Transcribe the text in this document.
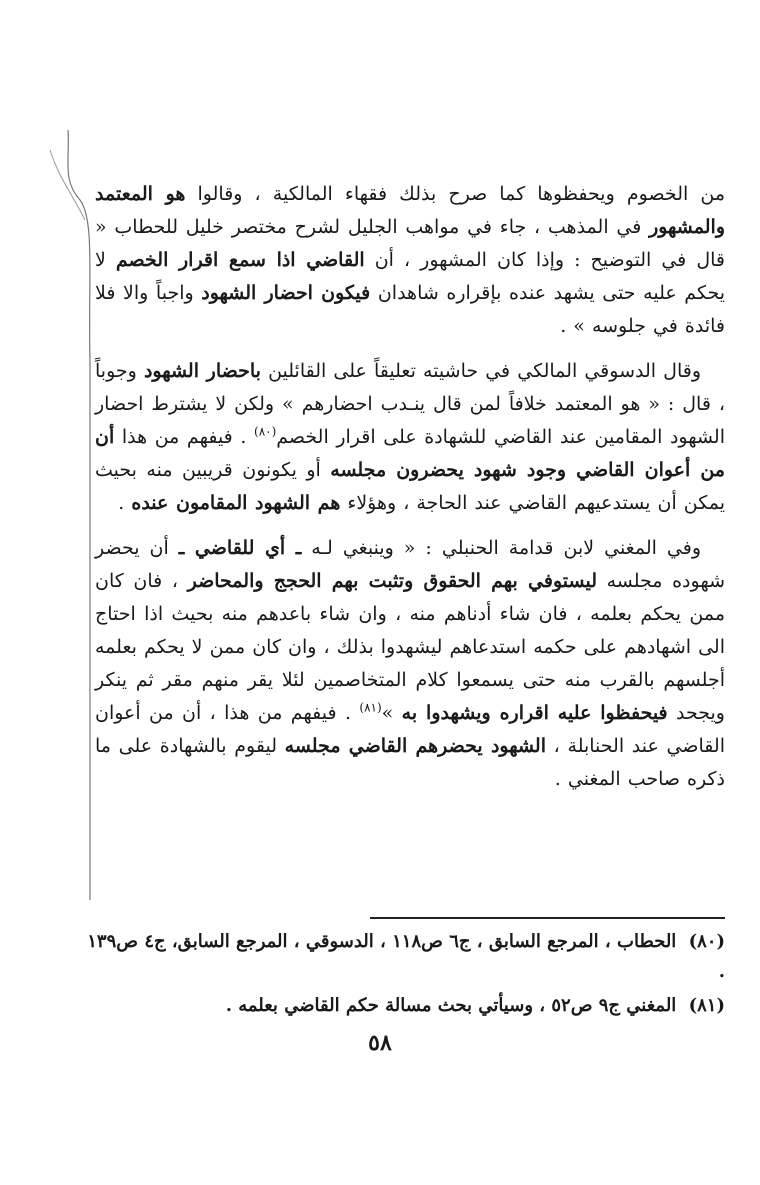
من الخصوم ويحفظوها كما صرح بذلك فقهاء المالكية ، وقالوا هو المعتمد والمشهور في المذهب ، جاء في مواهب الجليل لشرح مختصر خليل للحطاب « قال في التوضيح : وإذا كان المشهور ، أن القاضي اذا سمع اقرار الخصم لا يحكم عليه حتى يشهد عنده بإقراره شاهدان فيكون احضار الشهود واجباً والا فلا فائدة في جلوسه » .

وقال الدسوقي المالكي في حاشيته تعليقاً على القائلين باحضار الشهود وجوباً ، قال : « هو المعتمد خلافاً لمن قال ينـدب احضارهم » ولكن لا يشترط احضار الشهود المقامين عند القاضي للشهادة على اقرار الخصم$^{(٨٠)}$ . فيفهم من هذا أن من أعوان القاضي وجود شهود يحضرون مجلسه أو يكونون قريبين منه بحيث يمكن أن يستدعيهم القاضي عند الحاجة ، وهؤلاء هم الشهود المقامون عنده .

وفي المغني لابن قدامة الحنبلي : « وينبغي لـه ـ أي للقاضي ـ أن يحضر شهوده مجلسه ليستوفي بهم الحقوق وتثبت بهم الحجج والمحاضر ، فان كان ممن يحكم بعلمه ، فان شاء أدناهم منه ، وان شاء باعدهم منه بحيث اذا احتاج الى اشهادهم على حكمه استدعاهم ليشهدوا بذلك ، وان كان ممن لا يحكم بعلمه أجلسهم بالقرب منه حتى يسمعوا كلام المتخاصمين لئلا يقر منهم مقر ثم ينكر ويجحد فيحفظوا عليه اقراره ويشهدوا به »$^{(٨١)}$ . فيفهم من هذا ، أن من أعوان القاضي عند الحنابلة ، الشهود يحضرهم القاضي مجلسه ليقوم بالشهادة على ما ذكره صاحب المغني .

(٨٠) الحطاب ، المرجع السابق ، ج٦ ص١١٨ ، الدسوقي ، المرجع السابق، ج٤ ص١٣٩ .

(٨١) المغني ج٩ ص٥٢ ، وسيأتي بحث مسالة حكم القاضي بعلمه .

٥٨
